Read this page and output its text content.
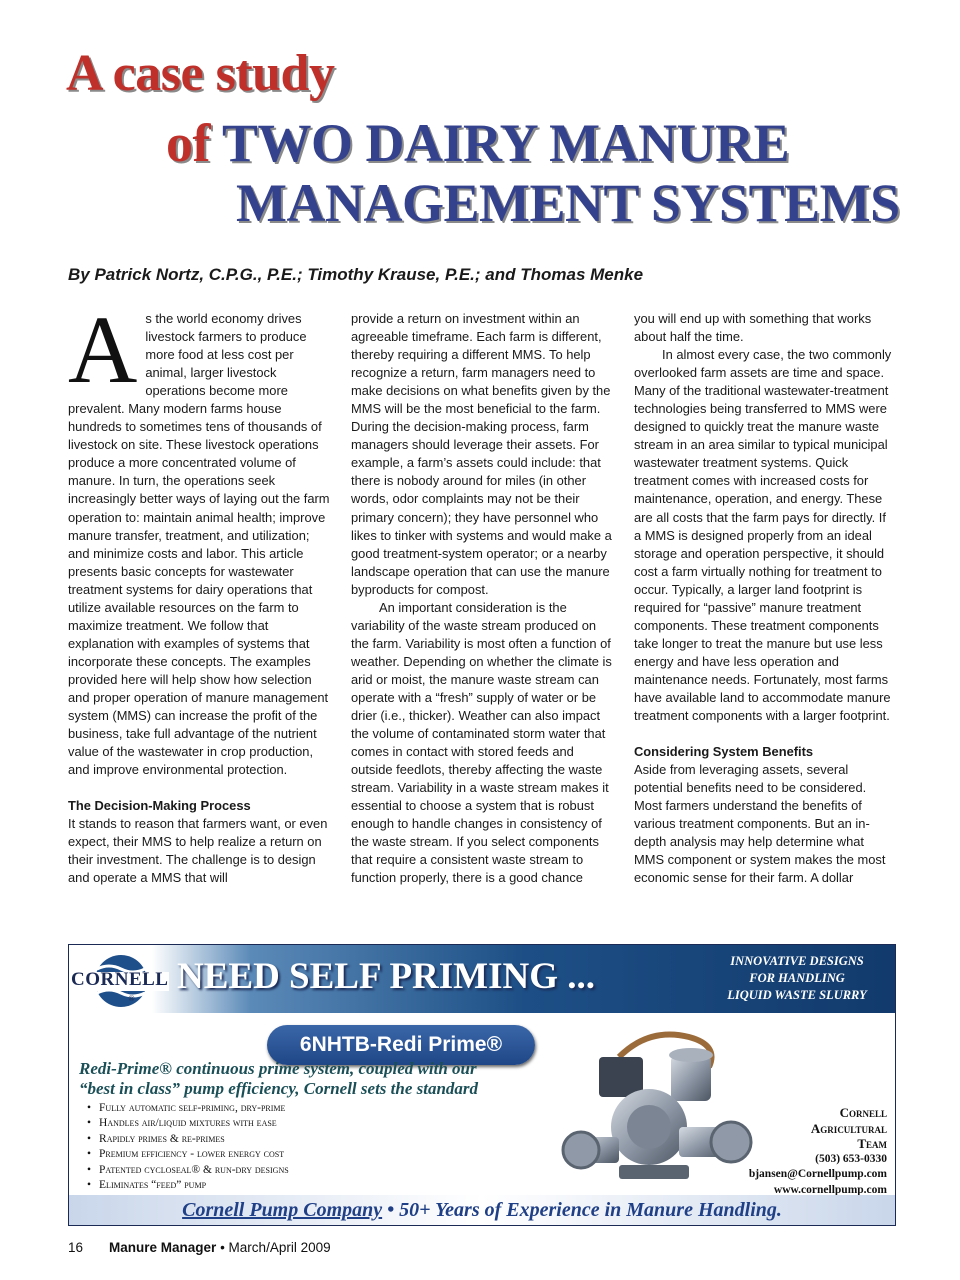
A case study
of TWO DAIRY MANURE
MANAGEMENT SYSTEMS
By Patrick Nortz, C.P.G., P.E.; Timothy Krause, P.E.; and Thomas Menke

As the world economy drives livestock farmers to produce more food at less cost per animal, larger livestock operations become more prevalent. Many modern farms house hundreds to sometimes tens of thousands of livestock on site. These livestock operations produce a more concentrated volume of manure. In turn, the operations seek increasingly better ways of laying out the farm operation to: maintain animal health; improve manure transfer, treatment, and utilization; and minimize costs and labor. This article presents basic concepts for wastewater treatment systems for dairy operations that utilize available resources on the farm to maximize treatment. We follow that explanation with examples of systems that incorporate these concepts. The examples provided here will help show how selection and proper operation of manure management system (MMS) can increase the profit of the business, take full advantage of the nutrient value of the wastewater in crop production, and improve environmental protection.

The Decision-Making Process

It stands to reason that farmers want, or even expect, their MMS to help realize a return on their investment. The challenge is to design and operate a MMS that will

provide a return on investment within an agreeable timeframe. Each farm is different, thereby requiring a different MMS. To help recognize a return, farm managers need to make decisions on what benefits given by the MMS will be the most beneficial to the farm. During the decision-making process, farm managers should leverage their assets. For example, a farm’s assets could include: that there is nobody around for miles (in other words, odor complaints may not be their primary concern); they have personnel who likes to tinker with systems and would make a good treatment-system operator; or a nearby landscape operation that can use the manure byproducts for compost.

An important consideration is the variability of the waste stream produced on the farm. Variability is most often a function of weather. Depending on whether the climate is arid or moist, the manure waste stream can operate with a “fresh” supply of water or be drier (i.e., thicker). Weather can also impact the volume of contaminated storm water that comes in contact with stored feeds and outside feedlots, thereby affecting the waste stream. Variability in a waste stream makes it essential to choose a system that is robust enough to handle changes in consistency of the waste stream. If you select components that require a consistent waste stream to function properly, there is a good chance

you will end up with something that works about half the time.

In almost every case, the two commonly overlooked farm assets are time and space. Many of the traditional wastewater-treatment technologies being transferred to MMS were designed to quickly treat the manure waste stream in an area similar to typical municipal wastewater treatment systems. Quick treatment comes with increased costs for maintenance, operation, and energy. These are all costs that the farm pays for directly. If a MMS is designed properly from an ideal storage and operation perspective, it should cost a farm virtually nothing for treatment to occur. Typically, a larger land footprint is required for “passive” manure treatment components. These treatment components take longer to treat the manure but use less energy and have less operation and maintenance needs. Fortunately, most farms have available land to accommodate manure treatment components with a larger footprint.

Considering System Benefits

Aside from leveraging assets, several potential benefits need to be considered. Most farmers understand the benefits of various treatment components. But an in-depth analysis may help determine what MMS component or system makes the most economic sense for their farm. A dollar

$CORNELL_®$
NEED SELF PRIMING ...	INNOVATIVE DESIGNS
FOR HANDLING
LIQUID WASTE SLURRY
6NHTB-Redi Prime®
Redi-Prime® continuous prime system, coupled with our
“best in class” pump efficiency, Cornell sets the standard
• Fully automatic self-priming, dry-prime
• Handles air/liquid mixtures with ease
• Rapidly primes & re-primes
• Premium efficiency - lower energy cost
• Patented cycloseal® & run-dry designs
• Eliminates “feed” pump
Cornell
Agricultural
Team
(503) 653-0330
bjansen@Cornellpump.com
www.cornellpump.com
Cornell Pump Company • 50+ Years of Experience in Manure Handling.
16 Manure Manager • March/April 2009
